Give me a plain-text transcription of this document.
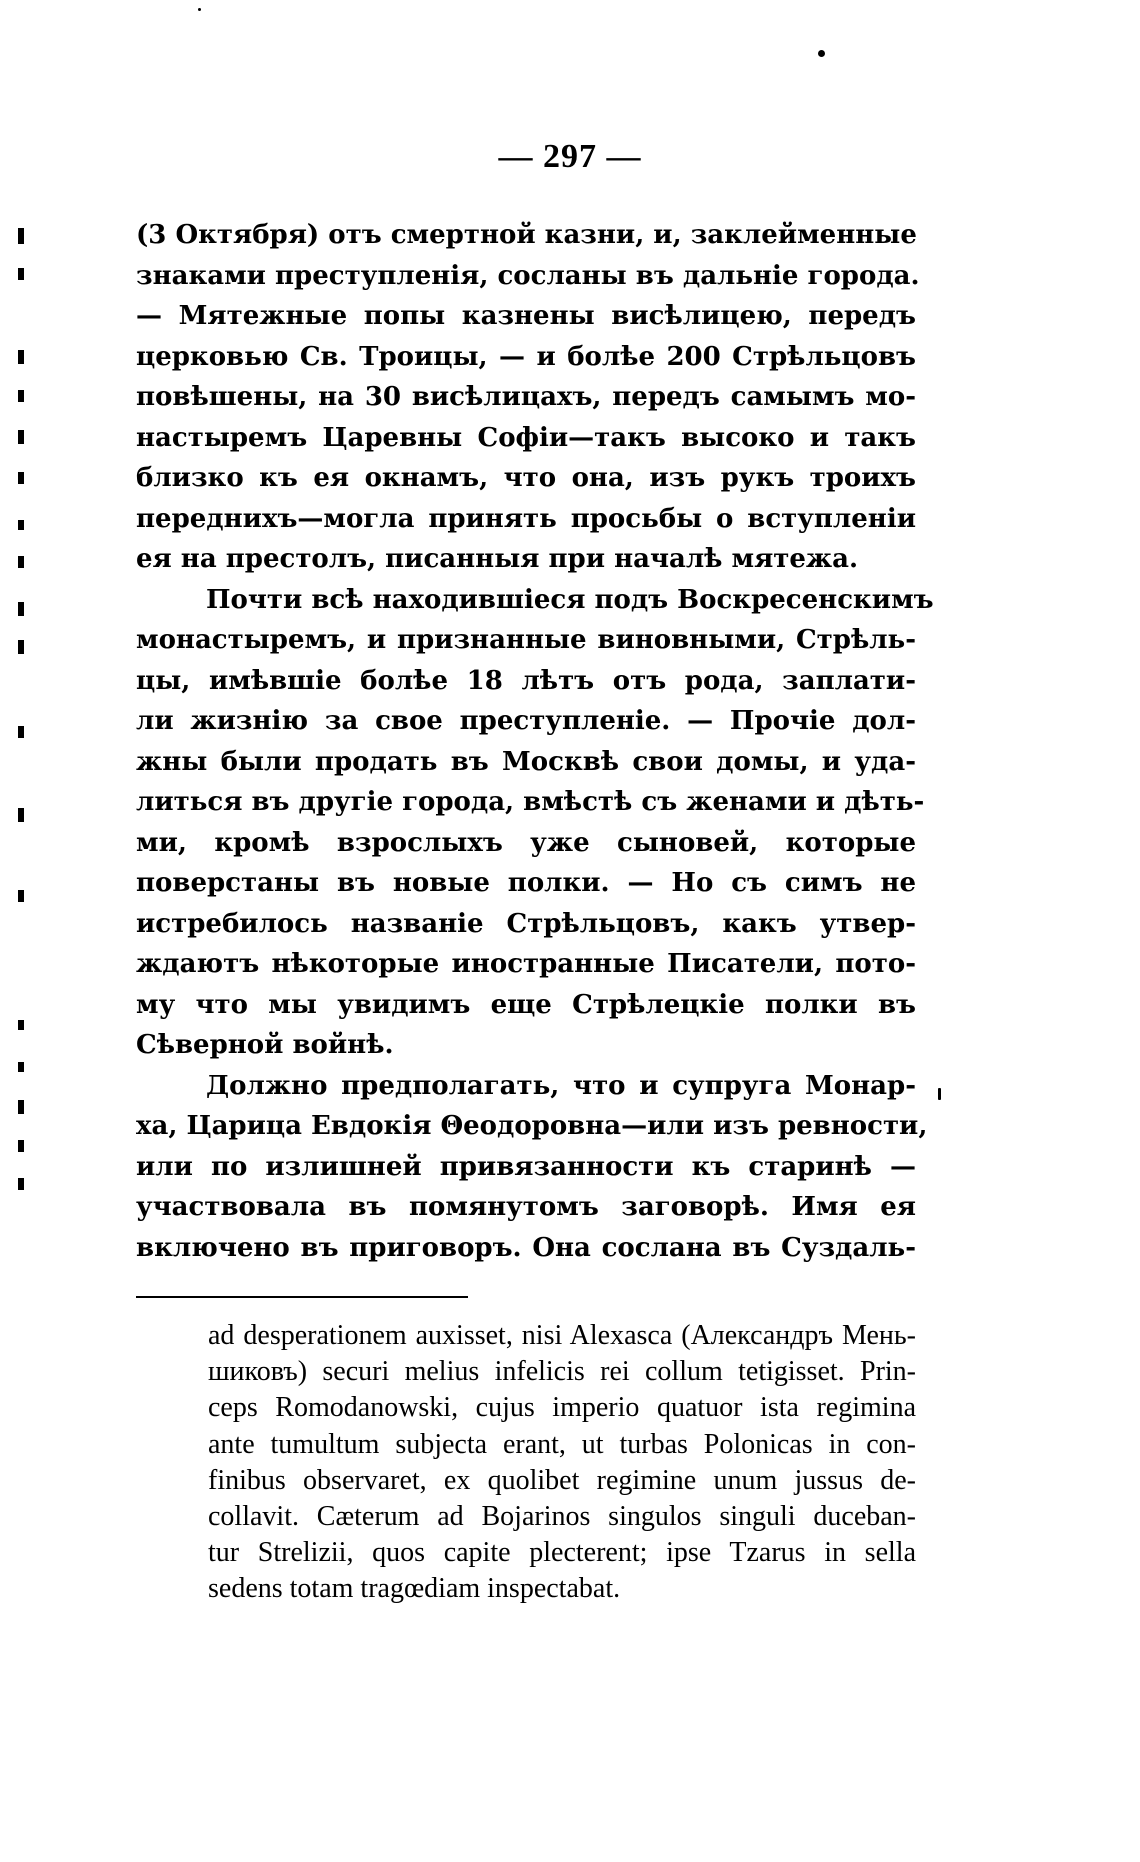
— 297 —
(3 Октября) отъ смертной казни, и, заклейменные
знаками преступленія, сосланы въ дальніе города.
— Мятежные попы казнены висѣлицею, передъ
церковью Св. Троицы, — и болѣе 200 Стрѣльцовъ
повѣшены, на 30 висѣлицахъ, передъ самымъ мо-
настыремъ Царевны Софіи—такъ высоко и такъ
близко къ ея окнамъ, что она, изъ рукъ троихъ
переднихъ—могла принять просьбы о вступленіи
ея на престолъ, писанныя при началѣ мятежа.
Почти всѣ находившіеся подъ Воскресенскимъ
монастыремъ, и признанные виновными, Стрѣль-
цы, имѣвшіе болѣе 18 лѣтъ отъ рода, заплати-
ли жизнію за свое преступленіе. — Прочіе дол-
жны были продать въ Москвѣ свои домы, и уда-
литься въ другіе города, вмѣстѣ съ женами и дѣть-
ми, кромѣ взрослыхъ уже сыновей, которые
поверстаны въ новые полки. — Но съ симъ не
истребилось названіе Стрѣльцовъ, какъ утвер-
ждаютъ нѣкоторые иностранные Писатели, пото-
му что мы увидимъ еще Стрѣлецкіе полки въ
Сѣверной войнѣ.
Должно предполагать, что и супруга Монар-
ха, Царица Евдокія Θеодоровна—или изъ ревности,
или по излишней привязанности къ старинѣ —
участвовала въ помянутомъ заговорѣ. Имя ея
включено въ приговоръ. Она сослана въ Суздаль-
ad desperationem auxisset, nisi Alexasca (Александръ Мень-
шиковъ) securi melius infelicis rei collum tetigisset. Prin-
ceps Romodanowski, cujus imperio quatuor ista regimina
ante tumultum subjecta erant, ut turbas Polonicas in con-
finibus observaret, ex quolibet regimine unum jussus de-
collavit. Cæterum ad Bojarinos singulos singuli duceban-
tur Strelizii, quos capite plecterent; ipse Tzarus in sella
sedens totam tragœdiam inspectabat.
